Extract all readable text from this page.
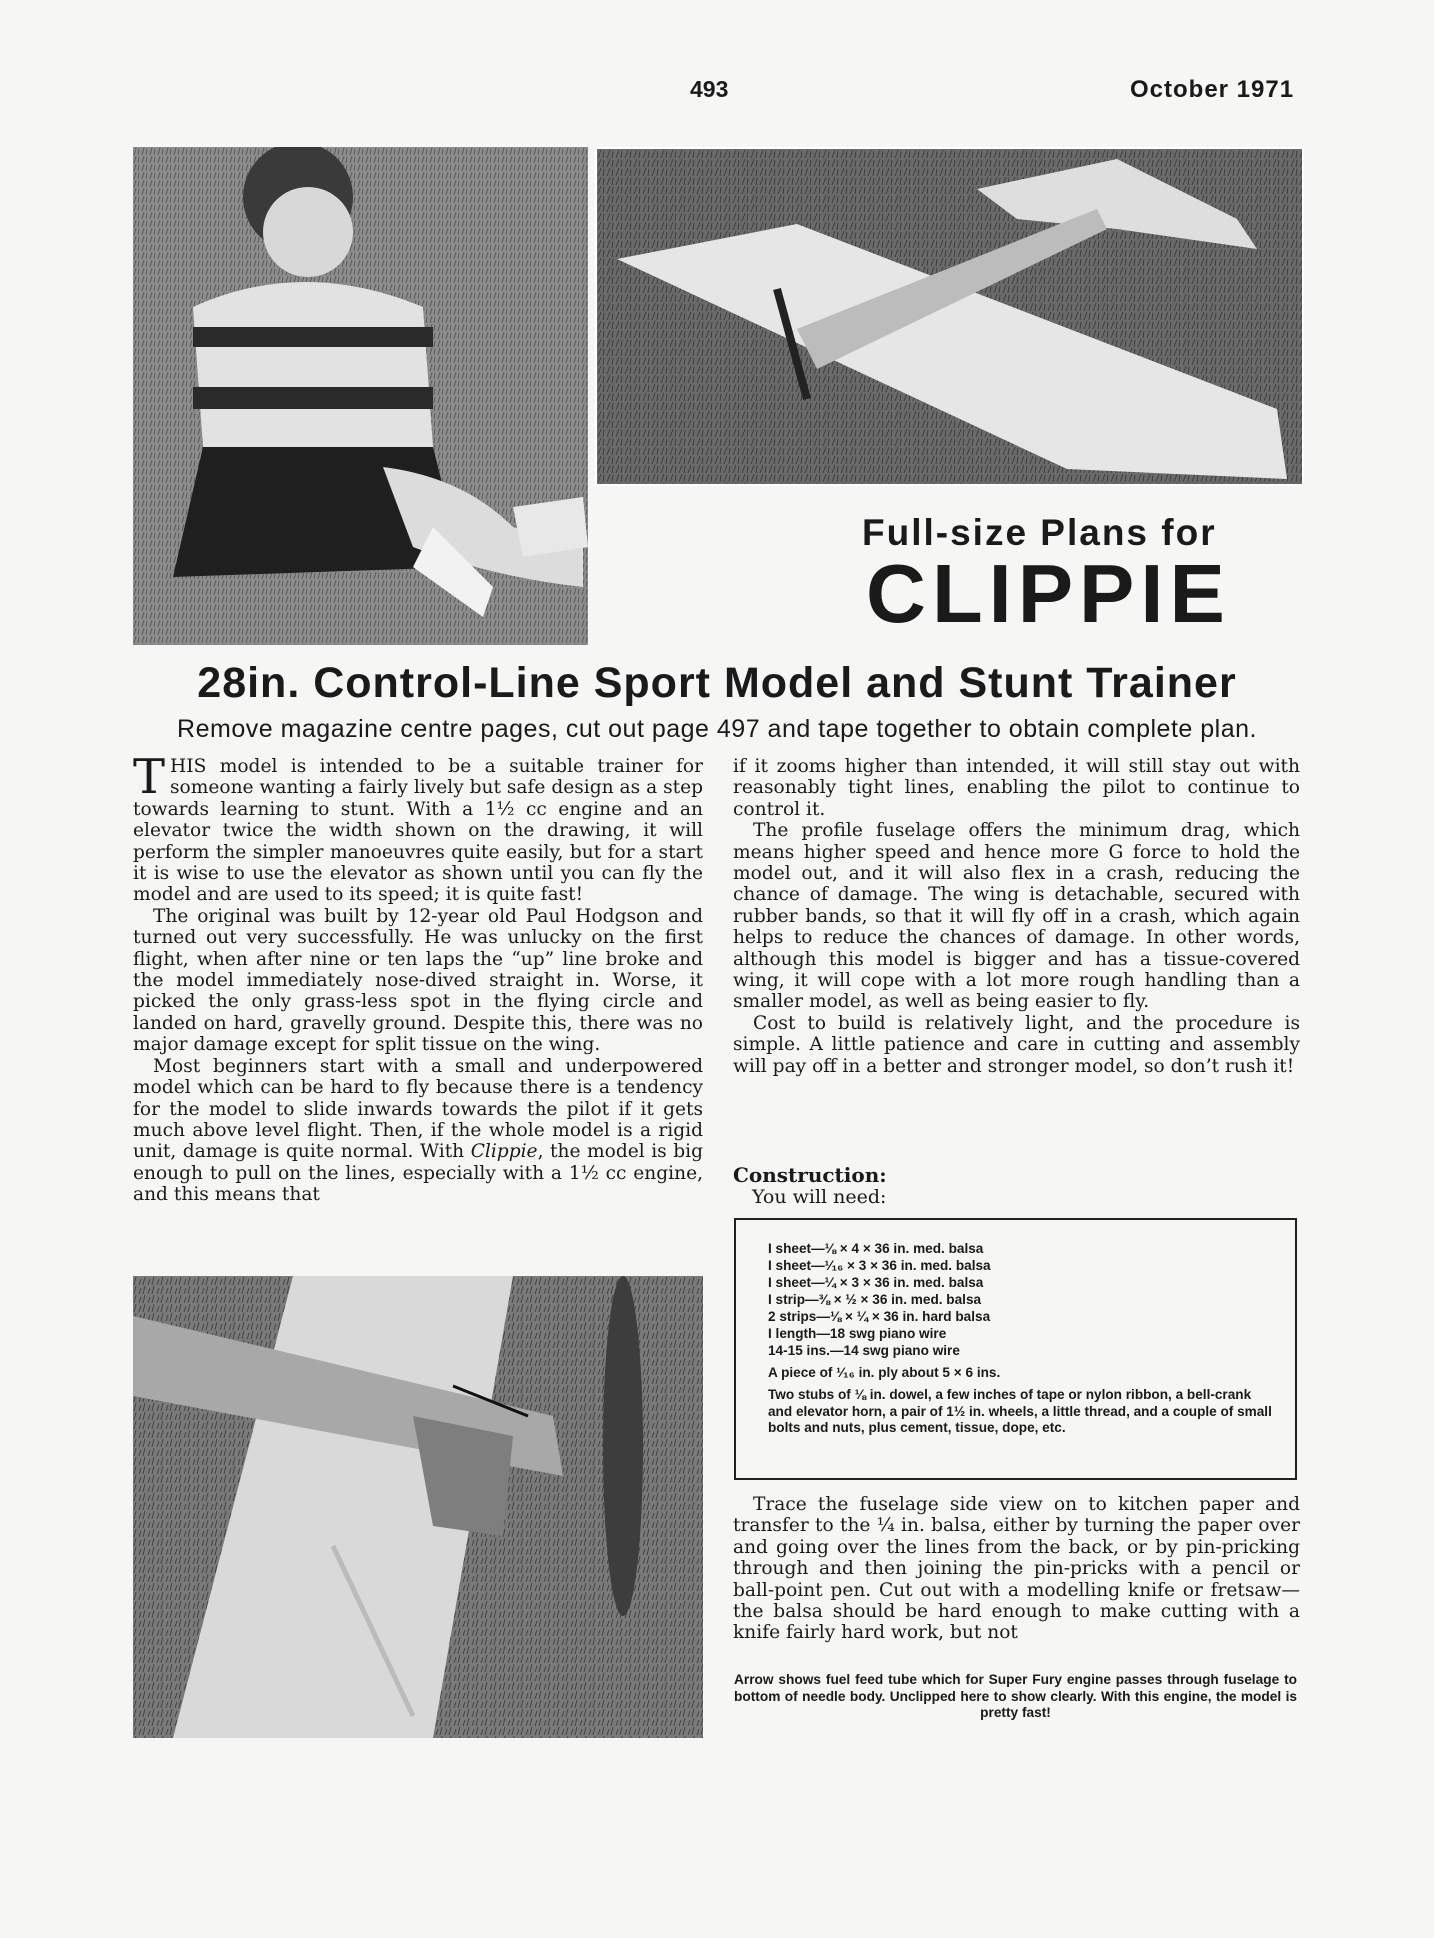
493	October 1971
Full-size Plans for
CLIPPIE
28in. Control-Line Sport Model and Stunt Trainer
Remove magazine centre pages, cut out page 497 and tape together to obtain complete plan.

THIS model is intended to be a suitable trainer for someone wanting a fairly lively but safe design as a step towards learning to stunt. With a 1½ cc engine and an elevator twice the width shown on the drawing, it will perform the simpler manoeuvres quite easily, but for a start it is wise to use the elevator as shown until you can fly the model and are used to its speed; it is quite fast!

The original was built by 12-year old Paul Hodgson and turned out very successfully. He was unlucky on the first flight, when after nine or ten laps the “up” line broke and the model immediately nose-dived straight in. Worse, it picked the only grass-less spot in the flying circle and landed on hard, gravelly ground. Despite this, there was no major damage except for split tissue on the wing.

Most beginners start with a small and underpowered model which can be hard to fly because there is a tendency for the model to slide inwards towards the pilot if it gets much above level flight. Then, if the whole model is a rigid unit, damage is quite normal. With Clippie, the model is big enough to pull on the lines, especially with a 1½ cc engine, and this means that

if it zooms higher than intended, it will still stay out with reasonably tight lines, enabling the pilot to continue to control it.

The profile fuselage offers the minimum drag, which means higher speed and hence more G force to hold the model out, and it will also flex in a crash, reducing the chance of damage. The wing is detachable, secured with rubber bands, so that it will fly off in a crash, which again helps to reduce the chances of damage. In other words, although this model is bigger and has a tissue-covered wing, it will cope with a lot more rough handling than a smaller model, as well as being easier to fly.

Cost to build is relatively light, and the procedure is simple. A little patience and care in cutting and assembly will pay off in a better and stronger model, so don’t rush it!

Construction:
You will need:
I sheet—⅛ × 4 × 36 in. med. balsa
I sheet—¹⁄₁₆ × 3 × 36 in. med. balsa
I sheet—¼ × 3 × 36 in. med. balsa
I strip—⅜ × ½ × 36 in. med. balsa
2 strips—⅛ × ¼ × 36 in. hard balsa
I length—18 swg piano wire
14-15 ins.—14 swg piano wire
A piece of ¹⁄₁₆ in. ply about 5 × 6 ins.
Two stubs of ⅛ in. dowel, a few inches of tape or nylon ribbon, a bell-crank and elevator horn, a pair of 1½ in. wheels, a little thread, and a couple of small bolts and nuts, plus cement, tissue, dope, etc.

Trace the fuselage side view on to kitchen paper and transfer to the ¼ in. balsa, either by turning the paper over and going over the lines from the back, or by pin-pricking through and then joining the pin-pricks with a pencil or ball-point pen. Cut out with a modelling knife or fretsaw—the balsa should be hard enough to make cutting with a knife fairly hard work, but not

Arrow shows fuel feed tube which for Super Fury engine passes through fuselage to bottom of needle body. Unclipped here to show clearly. With this engine, the model is pretty fast!
